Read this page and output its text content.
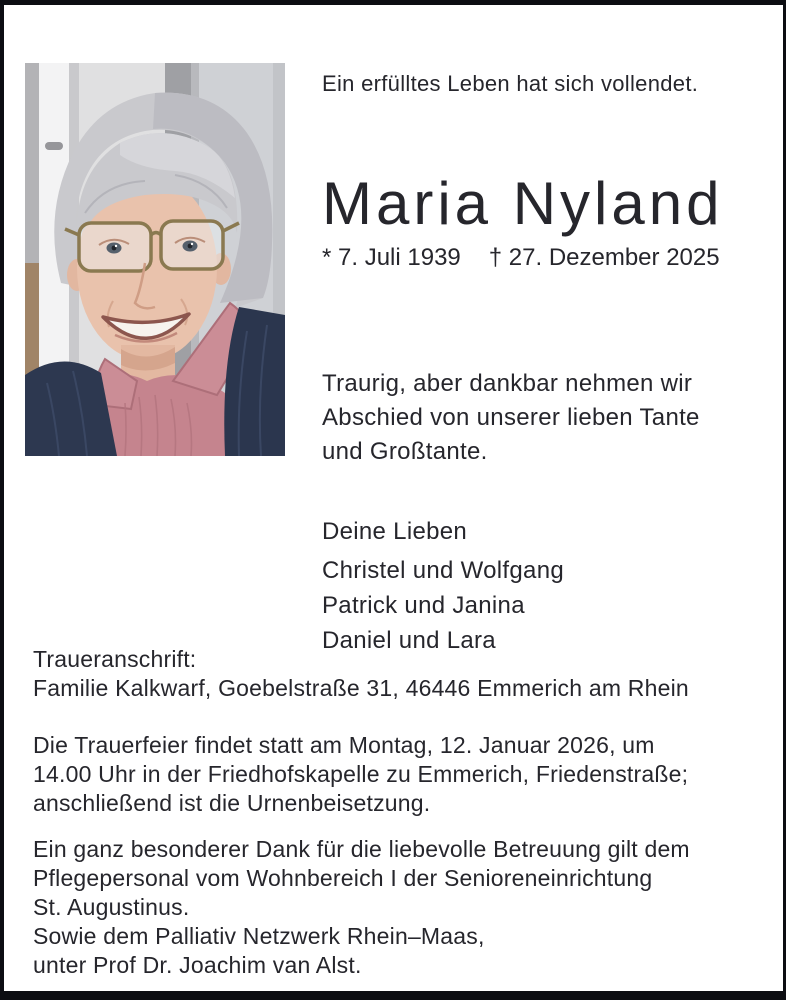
Ein erfülltes Leben hat sich vollendet.

Maria Nyland
* 7. Juli 1939 † 27. Dezember 2025
Traurig, aber dankbar nehmen wir
Abschied von unserer lieben Tante
und Großtante.

Deine Lieben

Christel und Wolfgang
Patrick und Janina
Daniel und Lara
Traueranschrift:
Familie Kalkwarf, Goebelstraße 31, 46446 Emmerich am Rhein
Die Trauerfeier findet statt am Montag, 12. Januar 2026, um
14.00 Uhr in der Friedhofskapelle zu Emmerich, Friedenstraße;
anschließend ist die Urnenbeisetzung.
Ein ganz besonderer Dank für die liebevolle Betreuung gilt dem
Pflegepersonal vom Wohnbereich I der Senioreneinrichtung
St. Augustinus.
Sowie dem Palliativ Netzwerk Rhein–Maas,
unter Prof Dr. Joachim van Alst.
